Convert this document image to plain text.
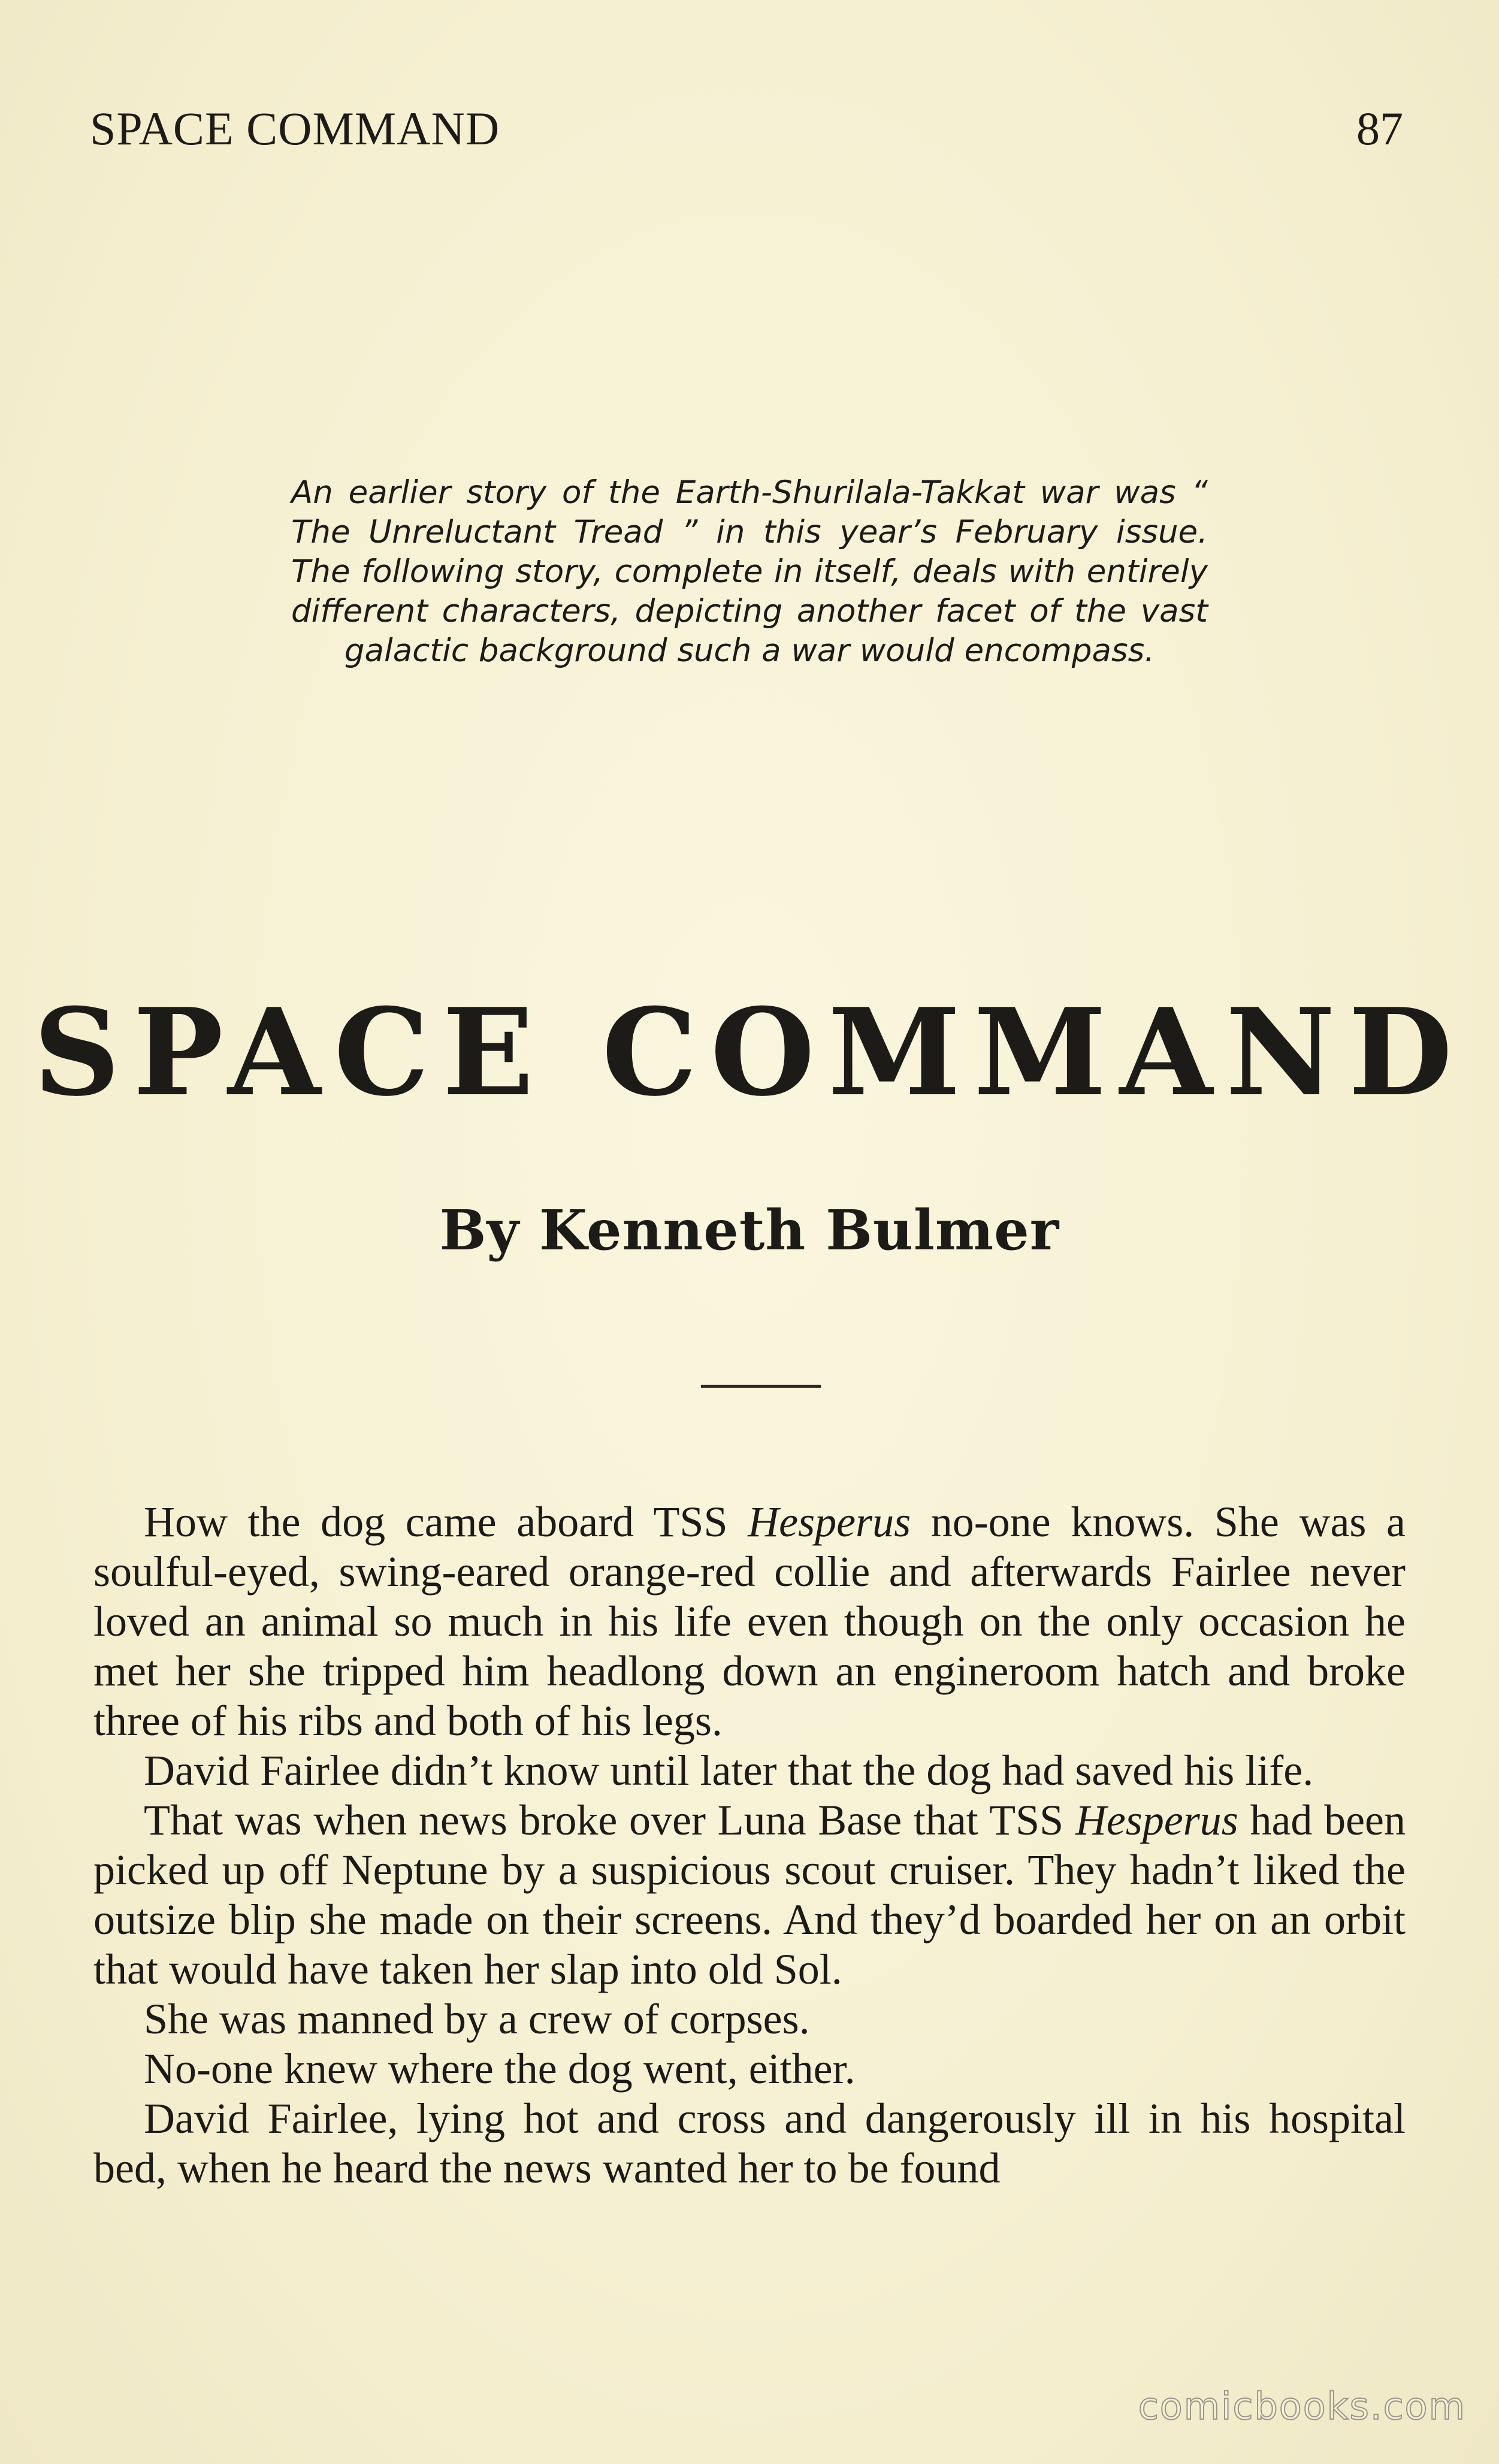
SPACE COMMAND	87
An earlier story of the Earth-Shurilala-Takkat war was “ The Unreluctant Tread ” in this year’s February issue. The following story, complete in itself, deals with entirely different characters, depicting another facet of the vast galactic background such a war would encompass.
SPACE COMMAND
By Kenneth Bulmer

How the dog came aboard TSS Hesperus no-one knows. She was a soulful-eyed, swing-eared orange-red collie and afterwards Fairlee never loved an animal so much in his life even though on the only occasion he met her she tripped him headlong down an engineroom hatch and broke three of his ribs and both of his legs.

David Fairlee didn’t know until later that the dog had saved his life.

That was when news broke over Luna Base that TSS Hesperus had been picked up off Neptune by a suspicious scout cruiser. They hadn’t liked the outsize blip she made on their screens. And they’d boarded her on an orbit that would have taken her slap into old Sol.

She was manned by a crew of corpses.

No-one knew where the dog went, either.

David Fairlee, lying hot and cross and dangerously ill in his hospital bed, when he heard the news wanted her to be found

comicbooks.com
